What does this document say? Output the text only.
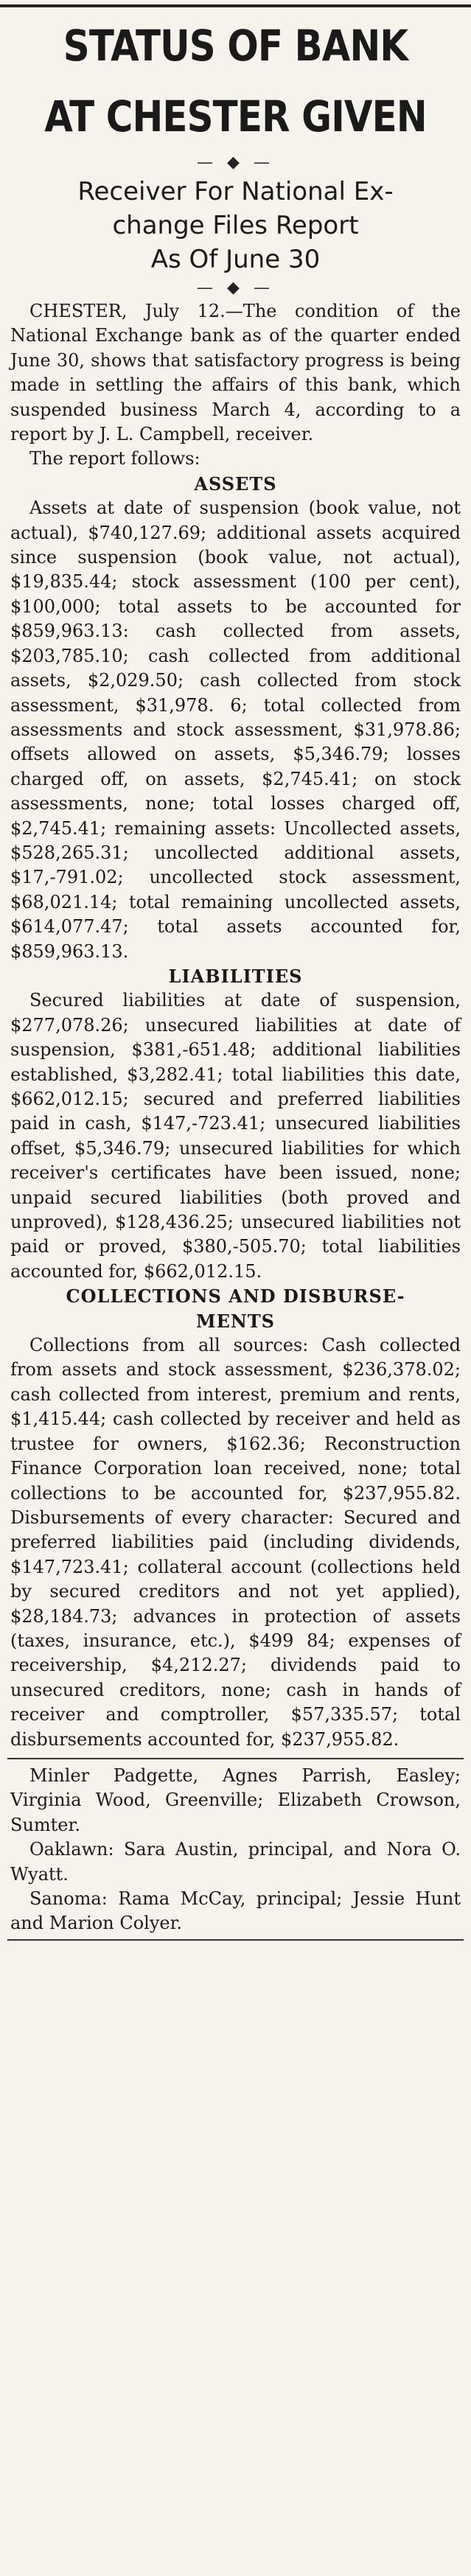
STATUS OF BANK
AT CHESTER GIVEN
— ◆ —
Receiver For National Ex-
change Files Report
As Of June 30
— ◆ —

CHESTER, July 12.—The condition of the National Exchange bank as of the quarter ended June 30, shows that satisfactory progress is being made in settling the affairs of this bank, which suspended business March 4, according to a report by J. L. Campbell, receiver.

The report follows:

ASSETS

Assets at date of suspension (book value, not actual), $740,127.69; additional assets acquired since suspension (book value, not actual), $19,835.44; stock assessment (100 per cent), $100,000; total assets to be accounted for $859,963.13: cash collected from assets, $203,785.10; cash collected from additional assets, $2,029.50; cash collected from stock assessment, $31,978. 6; total collected from assessments and stock assessment, $31,978.86; offsets allowed on assets, $5,346.79; losses charged off, on assets, $2,745.41; on stock assessments, none; total losses charged off, $2,745.41; remaining assets: Uncollected assets, $528,265.31; uncollected additional assets, $17,-791.02; uncollected stock assessment, $68,021.14; total remaining uncollected assets, $614,077.47; total assets accounted for, $859,963.13.

LIABILITIES

Secured liabilities at date of suspension, $277,078.26; unsecured liabilities at date of suspension, $381,-651.48; additional liabilities established, $3,282.41; total liabilities this date, $662,012.15; secured and preferred liabilities paid in cash, $147,-723.41; unsecured liabilities offset, $5,346.79; unsecured liabilities for which receiver's certificates have been issued, none; unpaid secured liabilities (both proved and unproved), $128,436.25; unsecured liabilities not paid or proved, $380,-505.70; total liabilities accounted for, $662,012.15.

COLLECTIONS AND DISBURSE-
MENTS

Collections from all sources: Cash collected from assets and stock assessment, $236,378.02; cash collected from interest, premium and rents, $1,415.44; cash collected by receiver and held as trustee for owners, $162.36; Reconstruction Finance Corporation loan received, none; total collections to be accounted for, $237,955.82. Disbursements of every character: Secured and preferred liabilities paid (including dividends, $147,723.41; collateral account (collections held by secured creditors and not yet applied), $28,184.73; advances in protection of assets (taxes, insurance, etc.), $499 84; expenses of receivership, $4,212.27; dividends paid to unsecured creditors, none; cash in hands of receiver and comptroller, $57,335.57; total disbursements accounted for, $237,955.82.

Minler Padgette, Agnes Parrish, Easley; Virginia Wood, Greenville; Elizabeth Crowson, Sumter.

Oaklawn: Sara Austin, principal, and Nora O. Wyatt.

Sanoma: Rama McCay, principal; Jessie Hunt and Marion Colyer.
